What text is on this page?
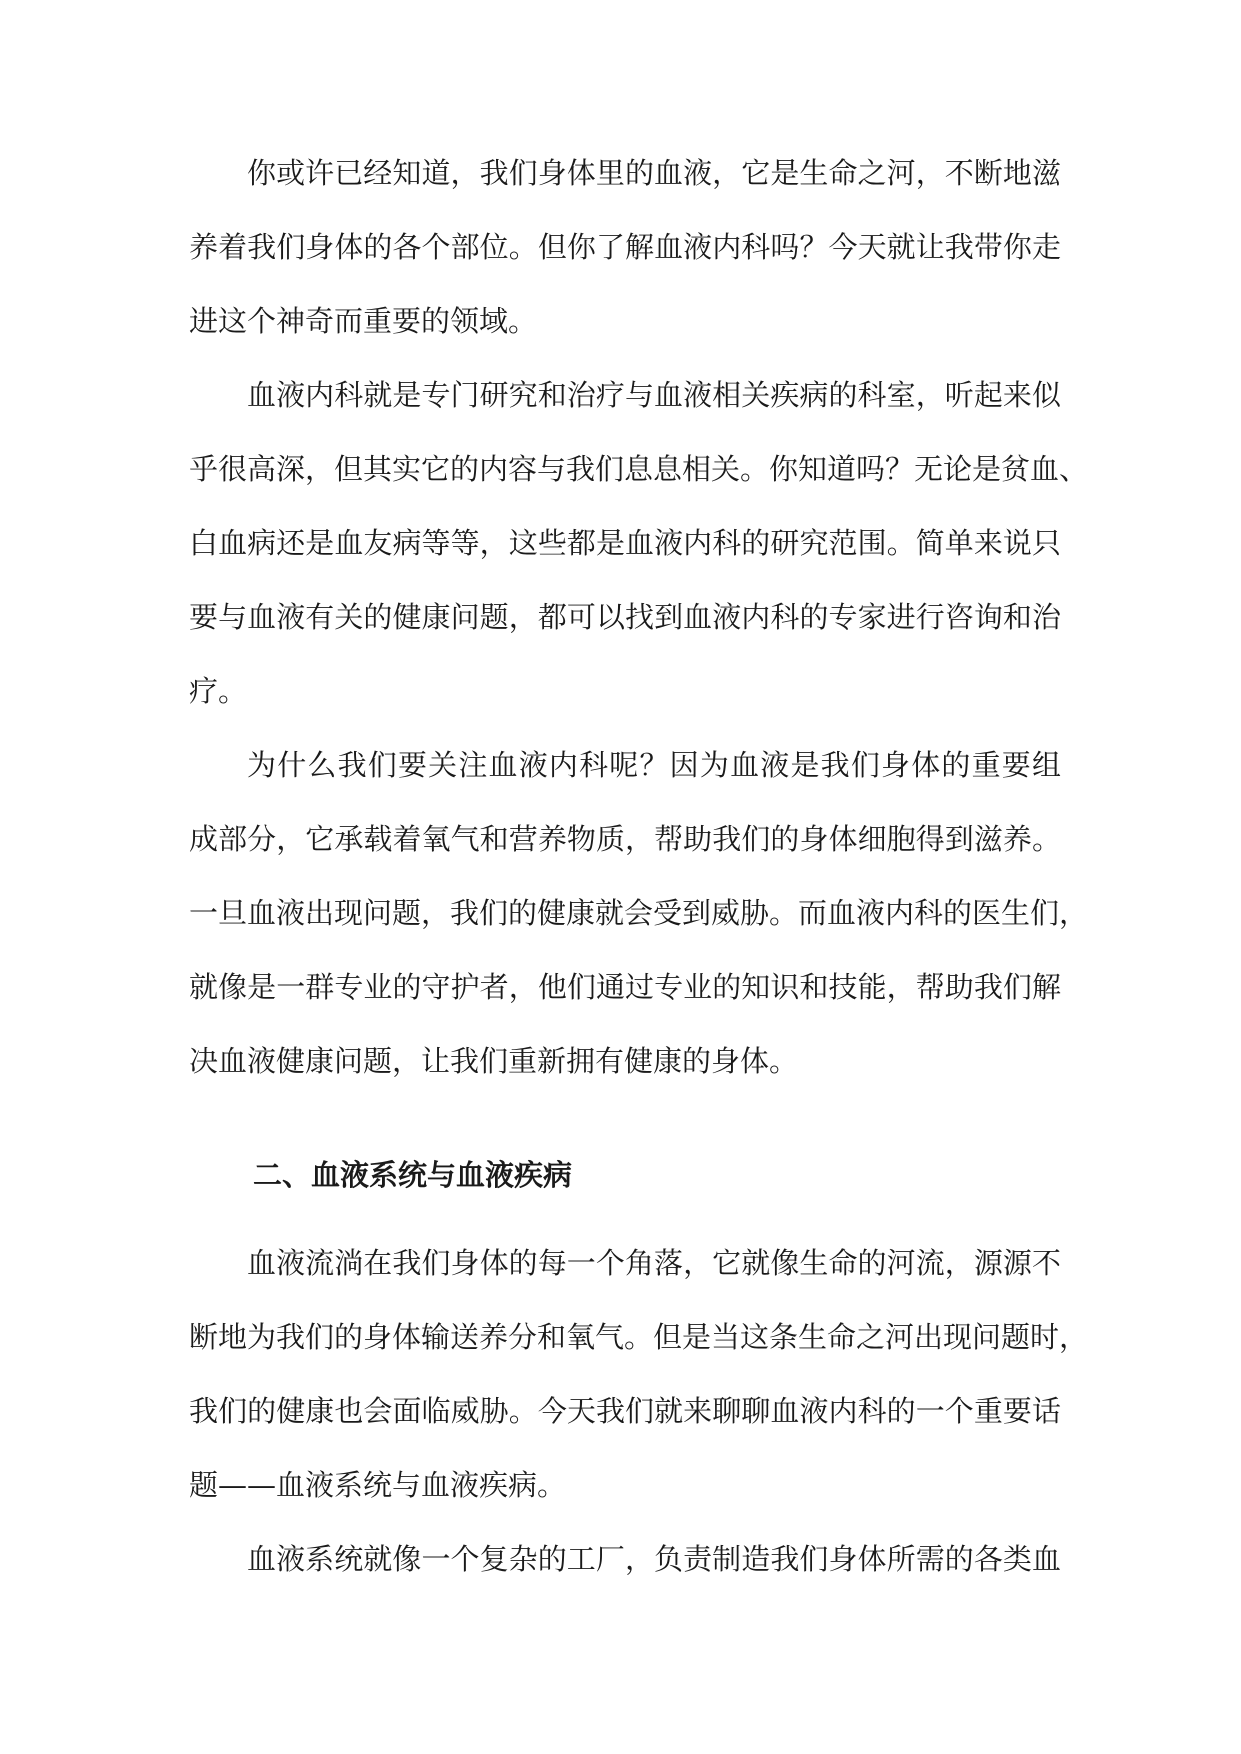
你或许已经知道，我们身体里的血液，它是生命之河，不断地滋
养着我们身体的各个部位。但你了解血液内科吗？今天就让我带你走
进这个神奇而重要的领域。

血液内科就是专门研究和治疗与血液相关疾病的科室，听起来似
乎很高深，但其实它的内容与我们息息相关。你知道吗？无论是贫血、
白血病还是血友病等等，这些都是血液内科的研究范围。简单来说只
要与血液有关的健康问题，都可以找到血液内科的专家进行咨询和治
疗。

为什么我们要关注血液内科呢？因为血液是我们身体的重要组
成部分，它承载着氧气和营养物质，帮助我们的身体细胞得到滋养。
一旦血液出现问题，我们的健康就会受到威胁。而血液内科的医生们，
就像是一群专业的守护者，他们通过专业的知识和技能，帮助我们解
决血液健康问题，让我们重新拥有健康的身体。

二、血液系统与血液疾病

血液流淌在我们身体的每一个角落，它就像生命的河流，源源不
断地为我们的身体输送养分和氧气。但是当这条生命之河出现问题时，
我们的健康也会面临威胁。今天我们就来聊聊血液内科的一个重要话
题——血液系统与血液疾病。

血液系统就像一个复杂的工厂，负责制造我们身体所需的各类血
